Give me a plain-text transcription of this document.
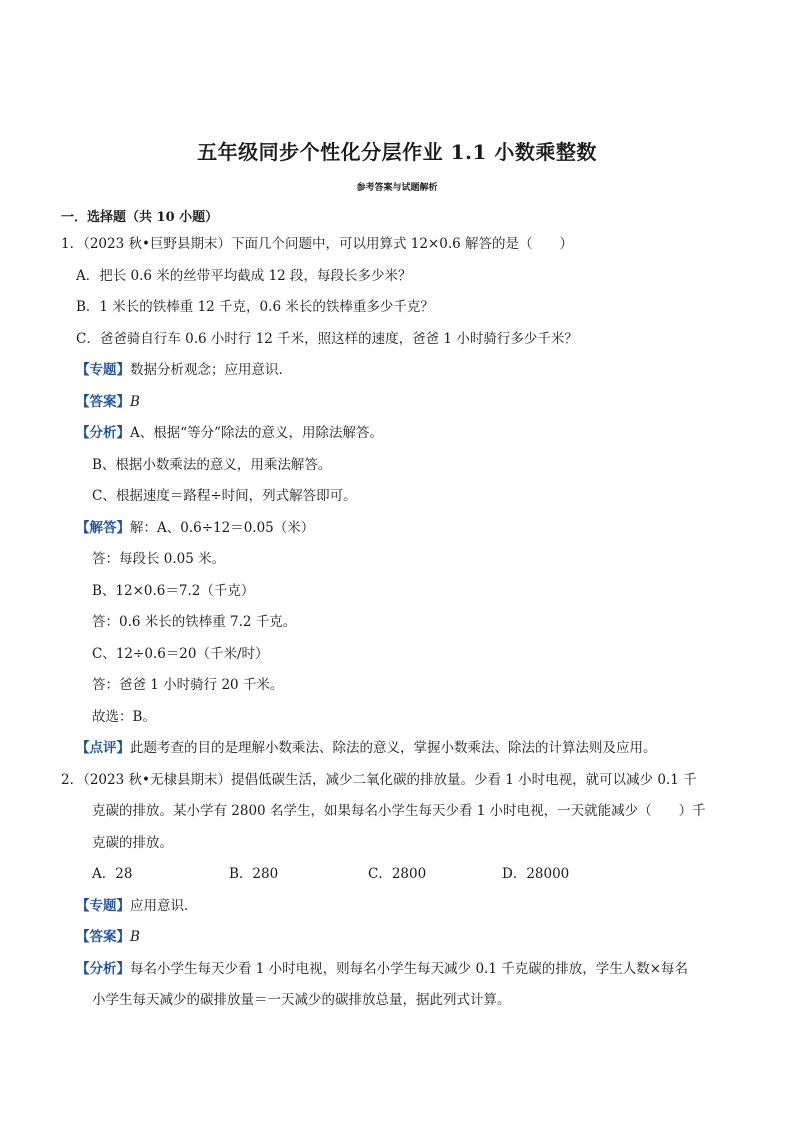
五年级同步个性化分层作业 1.1 小数乘整数
参考答案与试题解析
一．选择题（共 10 小题）
1．（2023 秋•巨野县期末）下面几个问题中，可以用算式 12×0.6 解答的是（　　）
A．把长 0.6 米的丝带平均截成 12 段，每段长多少米？
B．1 米长的铁棒重 12 千克，0.6 米长的铁棒重多少千克？
C．爸爸骑自行车 0.6 小时行 12 千米，照这样的速度，爸爸 1 小时骑行多少千米？
【专题】数据分析观念；应用意识．
【答案】B
【分析】A、根据“等分”除法的意义，用除法解答。
B、根据小数乘法的意义，用乘法解答。
C、根据速度＝路程÷时间，列式解答即可。
【解答】解：A、0.6÷12＝0.05（米）
答：每段长 0.05 米。
B、12×0.6＝7.2（千克）
答：0.6 米长的铁棒重 7.2 千克。
C、12÷0.6＝20（千米/时）
答：爸爸 1 小时骑行 20 千米。
故选：B。
【点评】此题考查的目的是理解小数乘法、除法的意义，掌握小数乘法、除法的计算法则及应用。
2．（2023 秋•无棣县期末）提倡低碳生活，减少二氧化碳的排放量。少看 1 小时电视，就可以减少 0.1 千
克碳的排放。某小学有 2800 名学生，如果每名小学生每天少看 1 小时电视，一天就能减少（　　）千
克碳的排放。
A．28	B．280	C．2800	D．28000
【专题】应用意识．
【答案】B
【分析】每名小学生每天少看 1 小时电视，则每名小学生每天减少 0.1 千克碳的排放，学生人数×每名
小学生每天减少的碳排放量＝一天减少的碳排放总量，据此列式计算。
